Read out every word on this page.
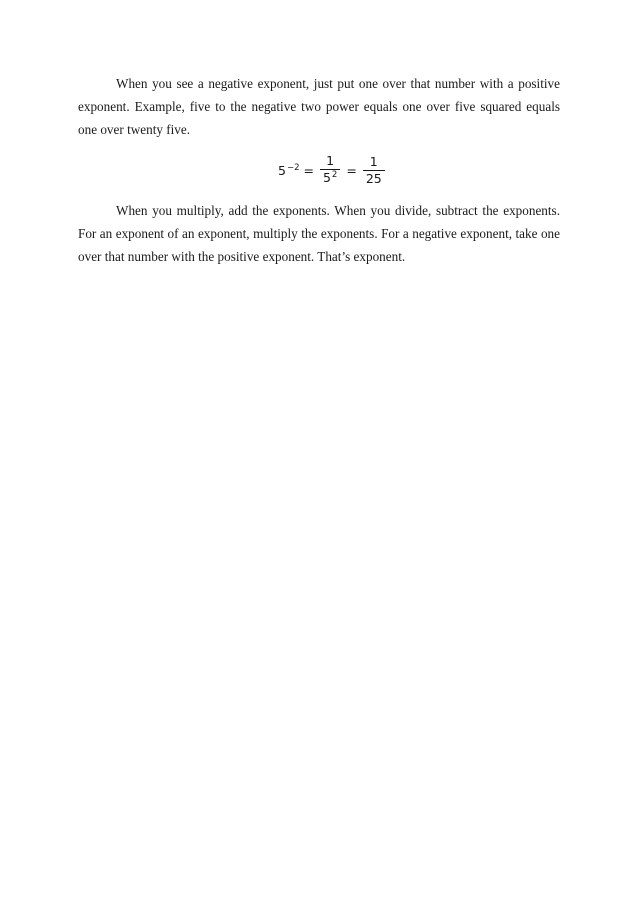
When you see a negative exponent, just put one over that number with a positive exponent. Example, five to the negative two power equals one over five squared equals one over twenty five.

$5^{-2} = \frac{1}{5^2} = \frac{1}{25}$

When you multiply, add the exponents. When you divide, subtract the exponents. For an exponent of an exponent, multiply the exponents. For a negative exponent, take one over that number with the positive exponent. That’s exponent.
